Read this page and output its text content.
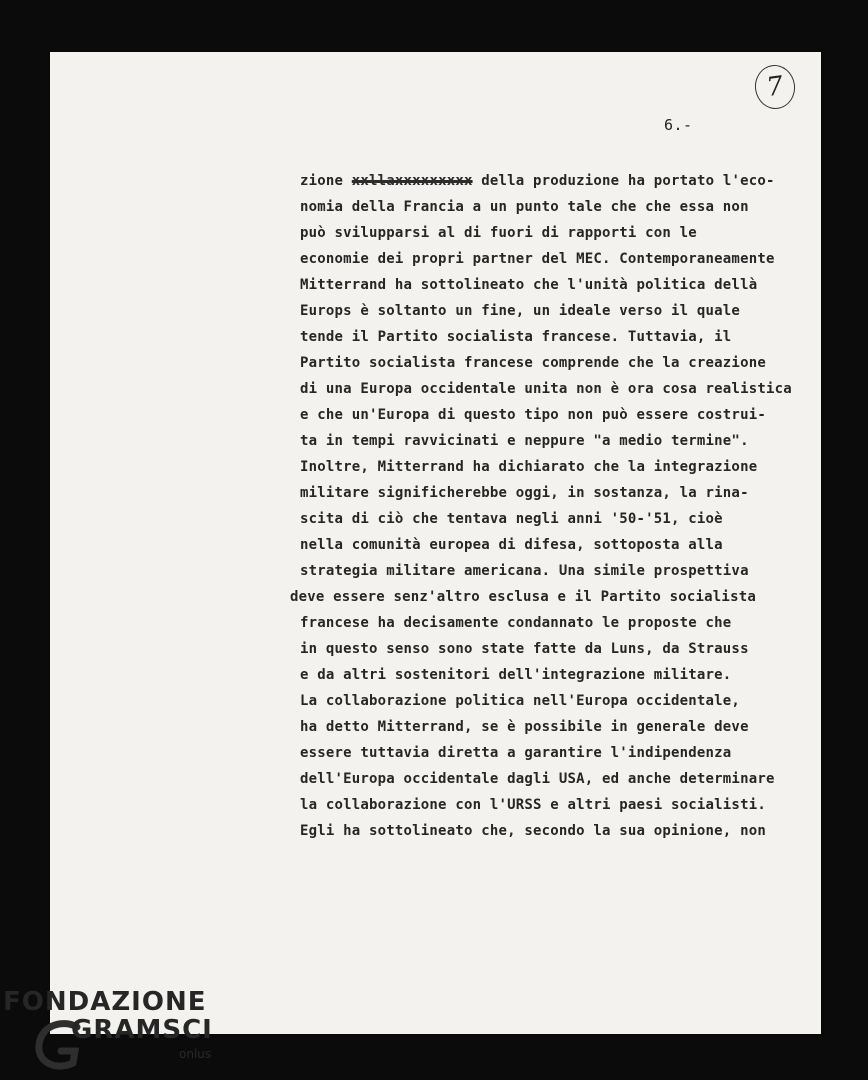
7
6.-
zione xxllaxxxxxxxxx della produzione ha portato l'eco-
nomia della Francia a un punto tale che che essa non
può svilupparsi al di fuori di rapporti con le
economie dei propri partner del MEC. Contemporaneamente
Mitterrand ha sottolineato che l'unità politica dellà
Europs è soltanto un fine, un ideale verso il quale
tende il Partito socialista francese. Tuttavia, il
Partito socialista francese comprende che la creazione
di una Europa occidentale unita non è ora cosa realistica
e che un'Europa di questo tipo non può essere costrui-
ta in tempi ravvicinati e neppure "a medio termine".
Inoltre, Mitterrand ha dichiarato che la integrazione
militare significherebbe oggi, in sostanza, la rina-
scita di ciò che tentava negli anni '50-'51, cioè
nella comunità europea di difesa, sottoposta alla
strategia militare americana. Una simile prospettiva
deve essere senz'altro esclusa e il Partito socialista
francese ha decisamente condannato le proposte che
in questo senso sono state fatte da Luns, da Strauss
e da altri sostenitori dell'integrazione militare.
La collaborazione politica nell'Europa occidentale,
ha detto Mitterrand, se è possibile in generale deve
essere tuttavia diretta a garantire l'indipendenza
dell'Europa occidentale dagli USA, ed anche determinare
la collaborazione con l'URSS e altri paesi socialisti.
Egli ha sottolineato che, secondo la sua opinione, non
FONDAZIONE
GRAMSCI
onlus
